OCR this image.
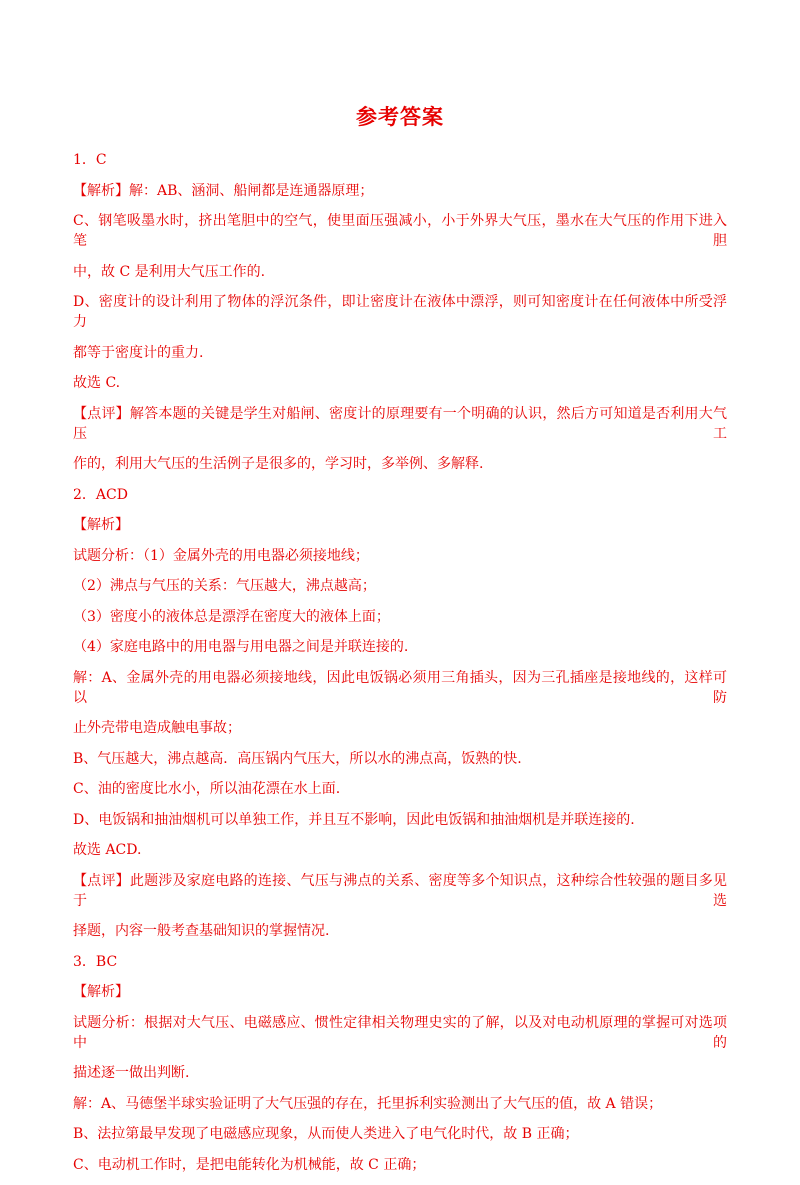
参考答案
1．C
【解析】解：AB、涵洞、船闸都是连通器原理；
C、钢笔吸墨水时，挤出笔胆中的空气，使里面压强减小，小于外界大气压，墨水在大气压的作用下进入笔胆
中，故 C 是利用大气压工作的.
D、密度计的设计利用了物体的浮沉条件，即让密度计在液体中漂浮，则可知密度计在任何液体中所受浮力
都等于密度计的重力.
故选 C.
【点评】解答本题的关键是学生对船闸、密度计的原理要有一个明确的认识，然后方可知道是否利用大气压工
作的，利用大气压的生活例子是很多的，学习时，多举例、多解释.
2．ACD
【解析】
试题分析：（1）金属外壳的用电器必须接地线；
（2）沸点与气压的关系：气压越大，沸点越高；
（3）密度小的液体总是漂浮在密度大的液体上面；
（4）家庭电路中的用电器与用电器之间是并联连接的.
解：A、金属外壳的用电器必须接地线，因此电饭锅必须用三角插头，因为三孔插座是接地线的，这样可以防
止外壳带电造成触电事故；
B、气压越大，沸点越高．高压锅内气压大，所以水的沸点高，饭熟的快.
C、油的密度比水小，所以油花漂在水上面.
D、电饭锅和抽油烟机可以单独工作，并且互不影响，因此电饭锅和抽油烟机是并联连接的.
故选 ACD.
【点评】此题涉及家庭电路的连接、气压与沸点的关系、密度等多个知识点，这种综合性较强的题目多见于选
择题，内容一般考查基础知识的掌握情况.
3．BC
【解析】
试题分析：根据对大气压、电磁感应、惯性定律相关物理史实的了解，以及对电动机原理的掌握可对选项中的
描述逐一做出判断.
解：A、马德堡半球实验证明了大气压强的存在，托里拆利实验测出了大气压的值，故 A 错误；
B、法拉第最早发现了电磁感应现象，从而使人类进入了电气化时代，故 B 正确；
C、电动机工作时，是把电能转化为机械能，故 C 正确；
